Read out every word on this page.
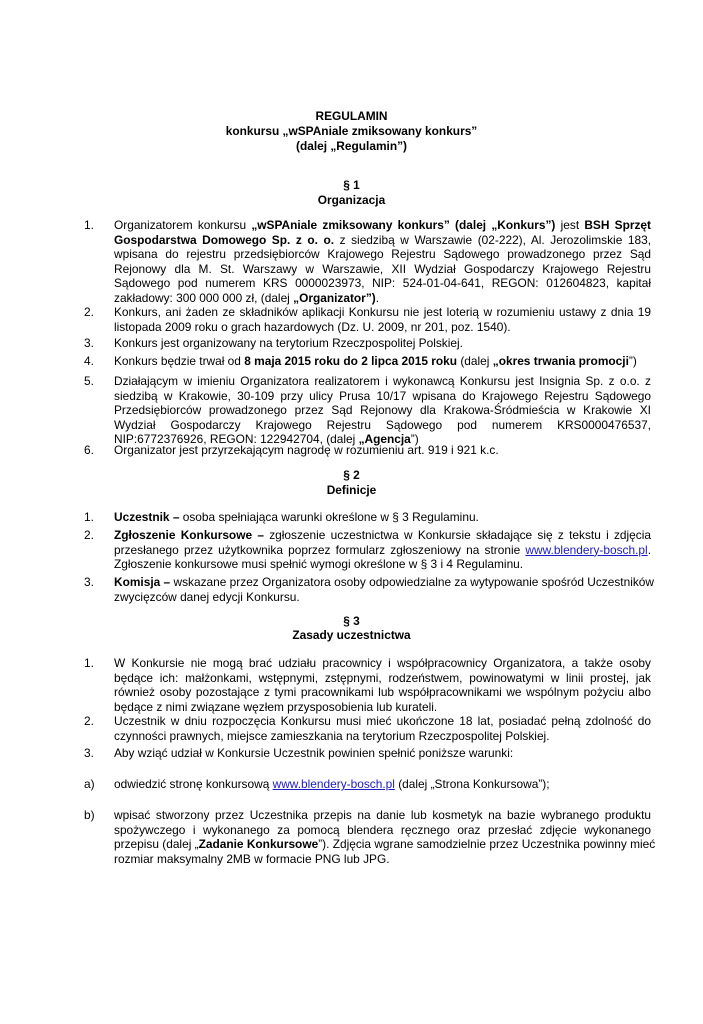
REGULAMIN
konkursu „wSPAniale zmiksowany konkurs”
(dalej „Regulamin”)
§ 1
Organizacja
1.	Organizatorem konkursu „wSPAniale zmiksowany konkurs” (dalej „Konkurs”) jest BSH Sprzęt
Gospodarstwa Domowego Sp. z o. o. z siedzibą w Warszawie (02-222), Al. Jerozolimskie 183,
wpisana do rejestru przedsiębiorców Krajowego Rejestru Sądowego prowadzonego przez Sąd
Rejonowy dla M. St. Warszawy w Warszawie, XII Wydział Gospodarczy Krajowego Rejestru
Sądowego pod numerem KRS 0000023973, NIP: 524-01-04-641, REGON: 012604823, kapitał
zakładowy: 300 000 000 zł, (dalej „Organizator”).
2.	Konkurs, ani żaden ze składników aplikacji Konkursu nie jest loterią w rozumieniu ustawy z dnia 19
listopada 2009 roku o grach hazardowych (Dz. U. 2009, nr 201, poz. 1540).
3.	Konkurs jest organizowany na terytorium Rzeczpospolitej Polskiej.
4.	Konkurs będzie trwał od 8 maja 2015 roku do 2 lipca 2015 roku (dalej „okres trwania promocji”)
5.	Działającym w imieniu Organizatora realizatorem i wykonawcą Konkursu jest Insignia Sp. z o.o. z
siedzibą w Krakowie, 30-109 przy ulicy Prusa 10/17 wpisana do Krajowego Rejestru Sądowego
Przedsiębiorców prowadzonego przez Sąd Rejonowy dla Krakowa-Śródmieścia w Krakowie XI
Wydział Gospodarczy Krajowego Rejestru Sądowego pod numerem KRS0000476537,
NIP:6772376926, REGON: 122942704, (dalej „Agencja”)
6.	Organizator jest przyrzekającym nagrodę w rozumieniu art. 919 i 921 k.c.
§ 2
Definicje
1.	Uczestnik – osoba spełniająca warunki określone w § 3 Regulaminu.
2.	Zgłoszenie Konkursowe – zgłoszenie uczestnictwa w Konkursie składające się z tekstu i zdjęcia
przesłanego przez użytkownika poprzez formularz zgłoszeniowy na stronie www.blendery-bosch.pl.
Zgłoszenie konkursowe musi spełnić wymogi określone w § 3 i 4 Regulaminu.
3.	Komisja – wskazane przez Organizatora osoby odpowiedzialne za wytypowanie spośród Uczestników
zwycięzców danej edycji Konkursu.
§ 3
Zasady uczestnictwa
1.	W Konkursie nie mogą brać udziału pracownicy i współpracownicy Organizatora, a także osoby
będące ich: małżonkami, wstępnymi, zstępnymi, rodzeństwem, powinowatymi w linii prostej, jak
również osoby pozostające z tymi pracownikami lub współpracownikami we wspólnym pożyciu albo
będące z nimi związane węzłem przysposobienia lub kurateli.
2.	Uczestnik w dniu rozpoczęcia Konkursu musi mieć ukończone 18 lat, posiadać pełną zdolność do
czynności prawnych, miejsce zamieszkania na terytorium Rzeczpospolitej Polskiej.
3.	Aby wziąć udział w Konkursie Uczestnik powinien spełnić poniższe warunki:
a)	odwiedzić stronę konkursową www.blendery-bosch.pl (dalej „Strona Konkursowa”);
b)	wpisać stworzony przez Uczestnika przepis na danie lub kosmetyk na bazie wybranego produktu
spożywczego i wykonanego za pomocą blendera ręcznego oraz przesłać zdjęcie wykonanego
przepisu (dalej „Zadanie Konkursowe”). Zdjęcia wgrane samodzielnie przez Uczestnika powinny mieć
rozmiar maksymalny 2MB w formacie PNG lub JPG.
